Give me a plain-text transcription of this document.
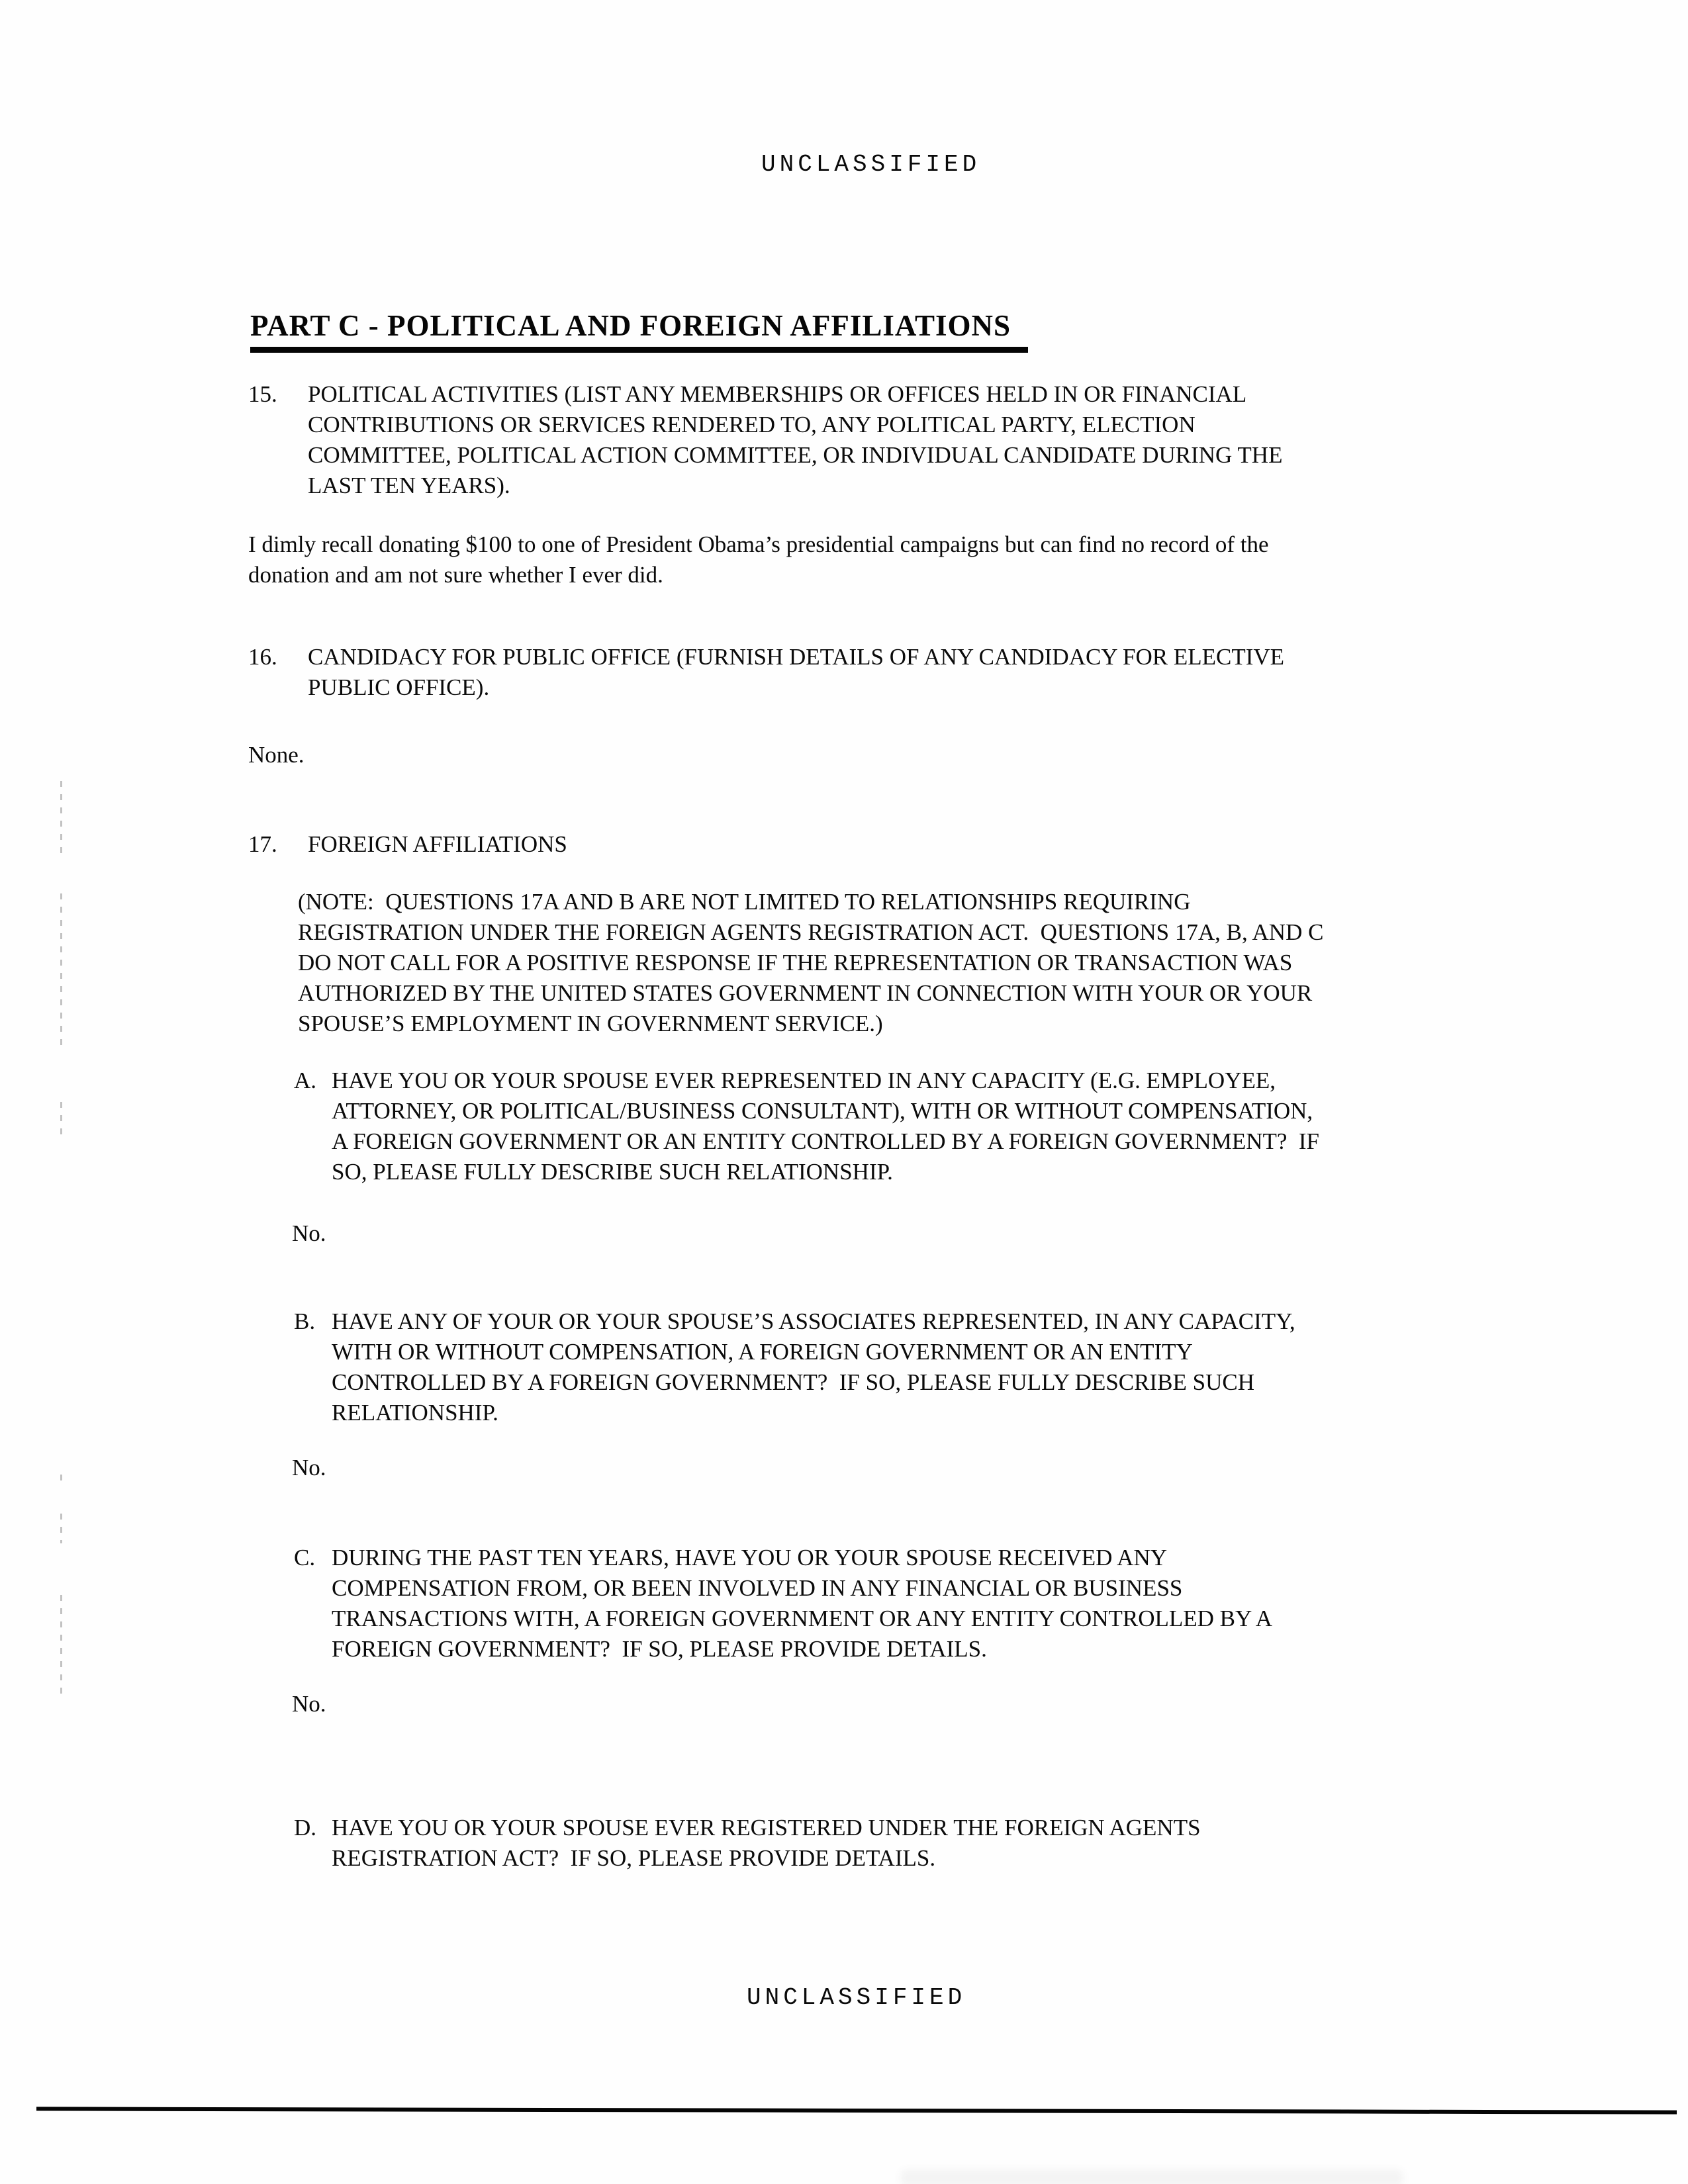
UNCLASSIFIED
PART C - POLITICAL AND FOREIGN AFFILIATIONS
15. POLITICAL ACTIVITIES (LIST ANY MEMBERSHIPS OR OFFICES HELD IN OR FINANCIAL
CONTRIBUTIONS OR SERVICES RENDERED TO, ANY POLITICAL PARTY, ELECTION
COMMITTEE, POLITICAL ACTION COMMITTEE, OR INDIVIDUAL CANDIDATE DURING THE
LAST TEN YEARS).
I dimly recall donating $100 to one of President Obama’s presidential campaigns but can find no record of the
donation and am not sure whether I ever did.
16. CANDIDACY FOR PUBLIC OFFICE (FURNISH DETAILS OF ANY CANDIDACY FOR ELECTIVE
PUBLIC OFFICE).
None.
17. FOREIGN AFFILIATIONS
(NOTE:  QUESTIONS 17A AND B ARE NOT LIMITED TO RELATIONSHIPS REQUIRING
REGISTRATION UNDER THE FOREIGN AGENTS REGISTRATION ACT.  QUESTIONS 17A, B, AND C
DO NOT CALL FOR A POSITIVE RESPONSE IF THE REPRESENTATION OR TRANSACTION WAS
AUTHORIZED BY THE UNITED STATES GOVERNMENT IN CONNECTION WITH YOUR OR YOUR
SPOUSE’S EMPLOYMENT IN GOVERNMENT SERVICE.)
A. HAVE YOU OR YOUR SPOUSE EVER REPRESENTED IN ANY CAPACITY (E.G. EMPLOYEE,
ATTORNEY, OR POLITICAL/BUSINESS CONSULTANT), WITH OR WITHOUT COMPENSATION,
A FOREIGN GOVERNMENT OR AN ENTITY CONTROLLED BY A FOREIGN GOVERNMENT?  IF
SO, PLEASE FULLY DESCRIBE SUCH RELATIONSHIP.
No.
B. HAVE ANY OF YOUR OR YOUR SPOUSE’S ASSOCIATES REPRESENTED, IN ANY CAPACITY,
WITH OR WITHOUT COMPENSATION, A FOREIGN GOVERNMENT OR AN ENTITY
CONTROLLED BY A FOREIGN GOVERNMENT?  IF SO, PLEASE FULLY DESCRIBE SUCH
RELATIONSHIP.
No.
C. DURING THE PAST TEN YEARS, HAVE YOU OR YOUR SPOUSE RECEIVED ANY
COMPENSATION FROM, OR BEEN INVOLVED IN ANY FINANCIAL OR BUSINESS
TRANSACTIONS WITH, A FOREIGN GOVERNMENT OR ANY ENTITY CONTROLLED BY A
FOREIGN GOVERNMENT?  IF SO, PLEASE PROVIDE DETAILS.
No.
D. HAVE YOU OR YOUR SPOUSE EVER REGISTERED UNDER THE FOREIGN AGENTS
REGISTRATION ACT?  IF SO, PLEASE PROVIDE DETAILS.
UNCLASSIFIED
